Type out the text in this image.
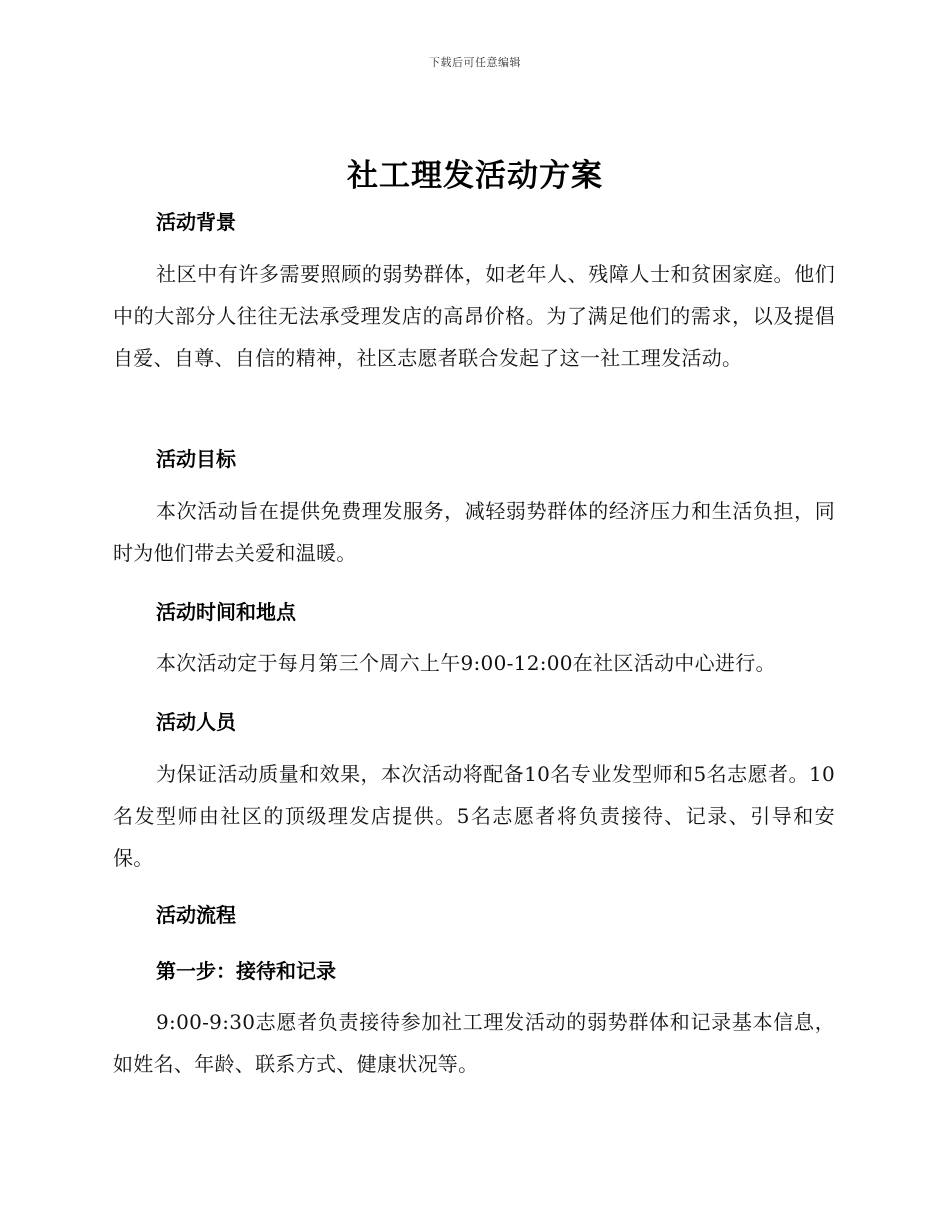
下载后可任意编辑
社工理发活动方案
活动背景
社区中有许多需要照顾的弱势群体，如老年人、残障人士和贫困家庭。他们中的大部分人往往无法承受理发店的高昂价格。为了满足他们的需求，以及提倡自爱、自尊、自信的精神，社区志愿者联合发起了这一社工理发活动。
活动目标
本次活动旨在提供免费理发服务，减轻弱势群体的经济压力和生活负担，同时为他们带去关爱和温暖。
活动时间和地点
本次活动定于每月第三个周六上午9:00-12:00在社区活动中心进行。
活动人员
为保证活动质量和效果，本次活动将配备10名专业发型师和5名志愿者。10名发型师由社区的顶级理发店提供。5名志愿者将负责接待、记录、引导和安保。
活动流程
第一步：接待和记录
9:00-9:30志愿者负责接待参加社工理发活动的弱势群体和记录基本信息，如姓名、年龄、联系方式、健康状况等。
